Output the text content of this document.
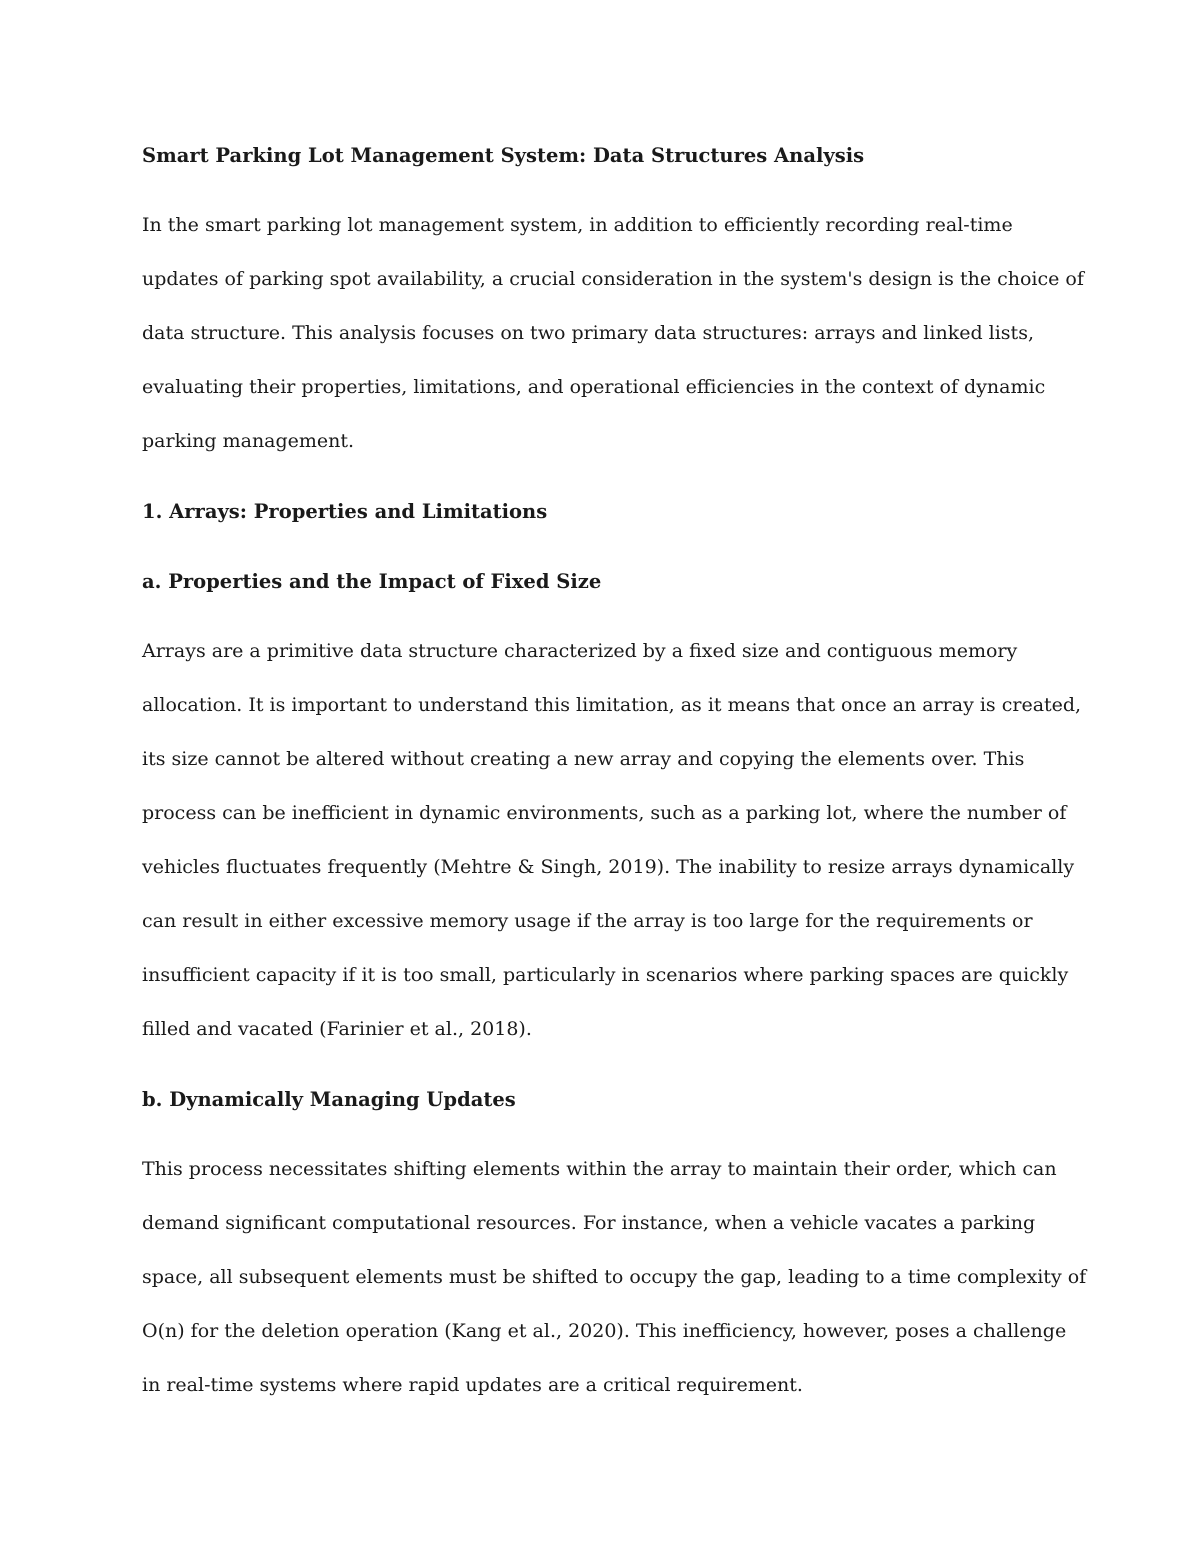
Smart Parking Lot Management System: Data Structures Analysis

In the smart parking lot management system, in addition to efficiently recording real-time

updates of parking spot availability, a crucial consideration in the system's design is the choice of

data structure. This analysis focuses on two primary data structures: arrays and linked lists,

evaluating their properties, limitations, and operational efficiencies in the context of dynamic

parking management.

1. Arrays: Properties and Limitations

a. Properties and the Impact of Fixed Size

Arrays are a primitive data structure characterized by a fixed size and contiguous memory

allocation. It is important to understand this limitation, as it means that once an array is created,

its size cannot be altered without creating a new array and copying the elements over. This

process can be inefficient in dynamic environments, such as a parking lot, where the number of

vehicles fluctuates frequently (Mehtre & Singh, 2019). The inability to resize arrays dynamically

can result in either excessive memory usage if the array is too large for the requirements or

insufficient capacity if it is too small, particularly in scenarios where parking spaces are quickly

filled and vacated (Farinier et al., 2018).

b. Dynamically Managing Updates

This process necessitates shifting elements within the array to maintain their order, which can

demand significant computational resources. For instance, when a vehicle vacates a parking

space, all subsequent elements must be shifted to occupy the gap, leading to a time complexity of

O(n) for the deletion operation (Kang et al., 2020). This inefficiency, however, poses a challenge

in real-time systems where rapid updates are a critical requirement.
